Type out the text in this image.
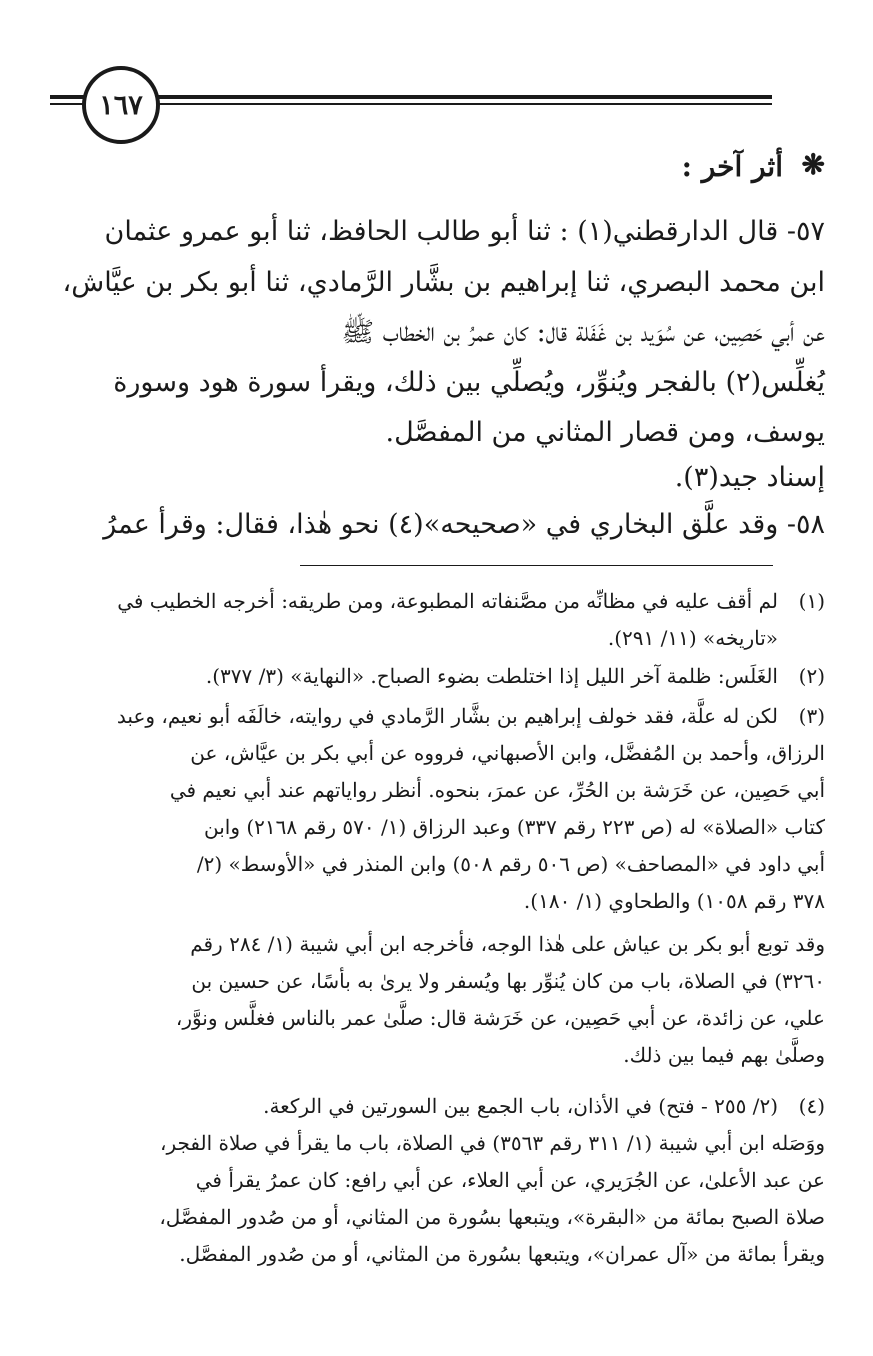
١٦٧
❋
أثر آخر :
٥٧- قال الدارقطني(١) : ثنا أبو طالب الحافظ، ثنا أبو عمرو عثمان
ابن محمد البصري، ثنا إبراهيم بن بشَّار الرَّمادي، ثنا أبو بكر بن عيَّاش،
عن أبي حَصِين، عن سُوَيد بن غَفَلة قال: كان عمرُ بن الخطاب ﷺ
يُغلِّس(٢) بالفجر ويُنوِّر، ويُصلِّي بين ذلك، ويقرأ سورة هود وسورة
يوسف، ومن قصار المثاني من المفصَّل.
إسناد جيد(٣).
٥٨- وقد علَّق البخاري في «صحيحه»(٤) نحو هٰذا، فقال: وقرأ عمرُ
(١)
(٢)
(٣)
(٤)
لم أقف عليه في مظانِّه من مصَّنفاته المطبوعة، ومن طريقه: أخرجه الخطيب في
«تاريخه» (١١/ ٢٩١).
الغَلَس: ظلمة آخر الليل إذا اختلطت بضوء الصباح. «النهاية» (٣/ ٣٧٧).
لكن له علَّة، فقد خولف إبراهيم بن بشَّار الرَّمادي في روايته، خالَفَه أبو نعيم، وعبد
الرزاق، وأحمد بن المُفضَّل، وابن الأصبهاني، فرووه عن أبي بكر بن عيَّاش، عن
أبي حَصِين، عن خَرَشة بن الحُرِّ، عن عمرَ، بنحوه. أنظر رواياتهم عند أبي نعيم في
كتاب «الصلاة» له (ص ٢٢٣ رقم ٣٣٧) وعبد الرزاق (١/ ٥٧٠ رقم ٢١٦٨) وابن
أبي داود في «المصاحف» (ص ٥٠٦ رقم ٥٠٨) وابن المنذر في «الأوسط» (٢/
٣٧٨ رقم ١٠٥٨) والطحاوي (١/ ١٨٠).
وقد توبع أبو بكر بن عياش على هٰذا الوجه، فأخرجه ابن أبي شيبة (١/ ٢٨٤ رقم
٣٢٦٠) في الصلاة، باب من كان يُنوِّر بها ويُسفر ولا يرىٰ به بأسًا، عن حسين بن
علي، عن زائدة، عن أبي حَصِين، عن خَرَشة قال: صلَّىٰ عمر بالناس فغلَّس ونوَّر،
وصلَّىٰ بهم فيما بين ذلك.
(٢/ ٢٥٥ - فتح) في الأذان، باب الجمع بين السورتين في الركعة.
ووَصَله ابن أبي شيبة (١/ ٣١١ رقم ٣٥٦٣) في الصلاة، باب ما يقرأ في صلاة الفجر،
عن عبد الأعلىٰ، عن الجُرَيري، عن أبي العلاء، عن أبي رافع: كان عمرُ يقرأ في
صلاة الصبح بمائة من «البقرة»، ويتبعها بسُورة من المثاني، أو من صُدور المفصَّل،
ويقرأ بمائة من «آل عمران»، ويتبعها بسُورة من المثاني، أو من صُدور المفصَّل.
